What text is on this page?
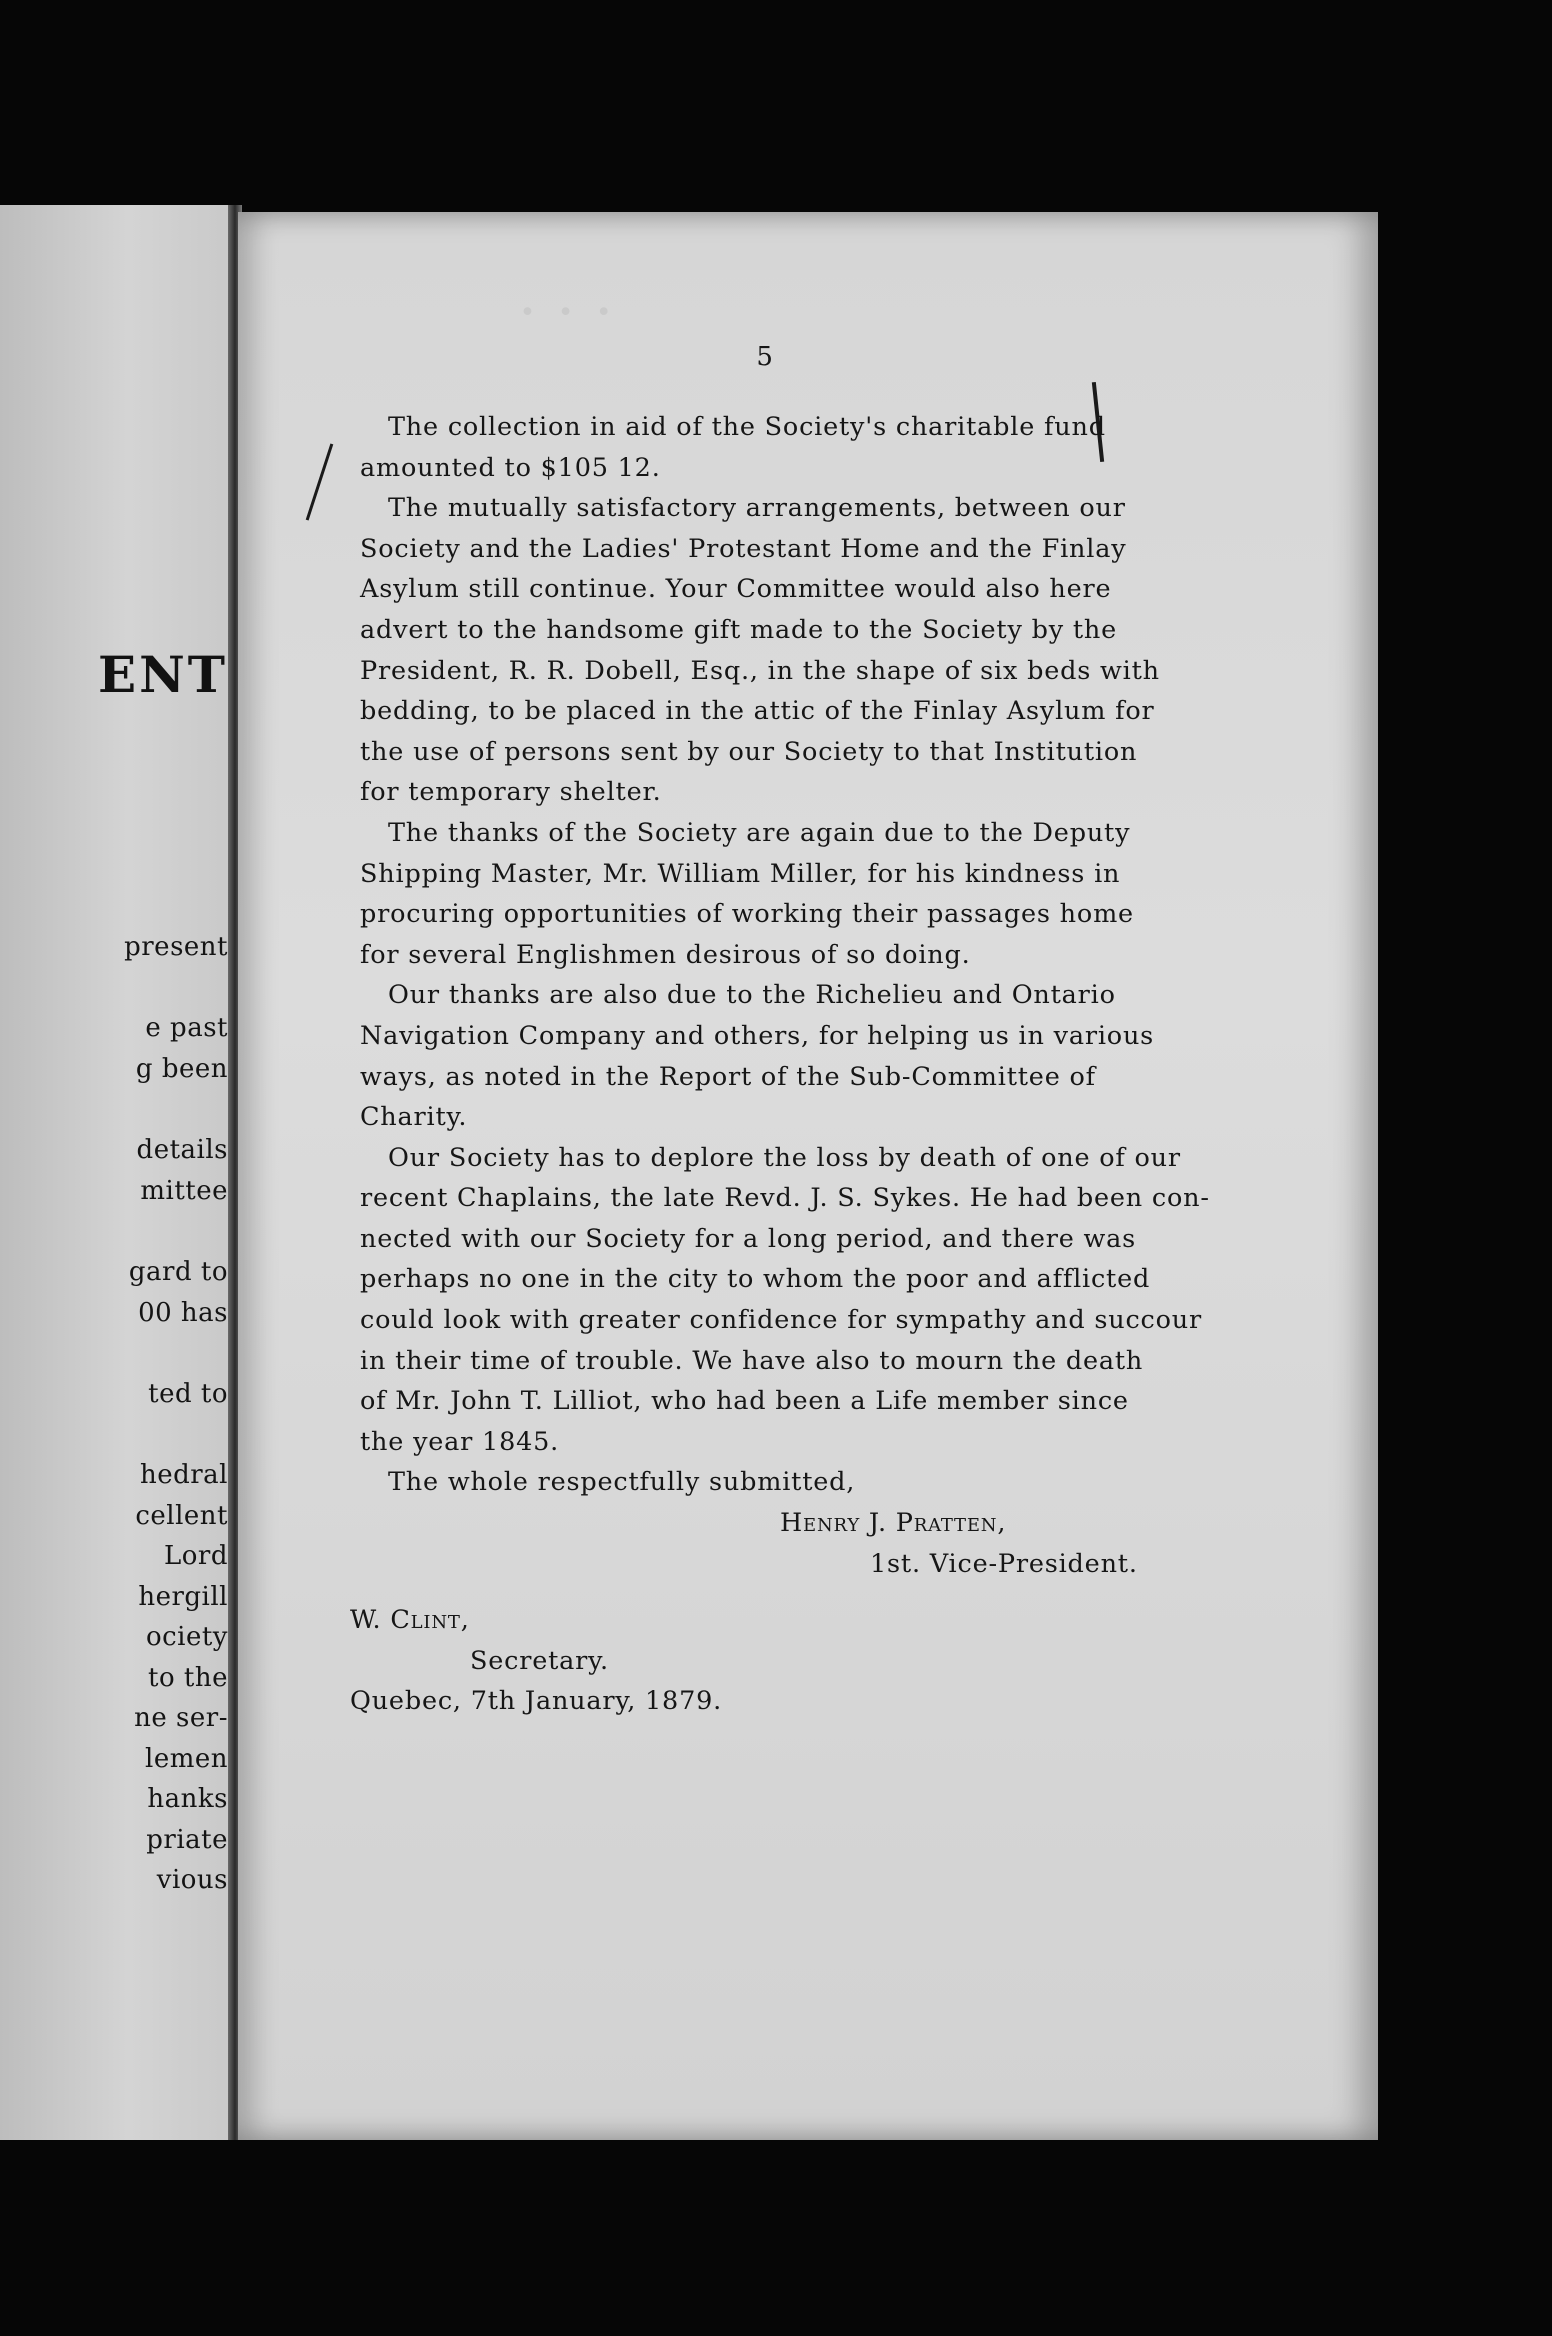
ENT
present
e past
g been
details
mittee
gard to
00 has
ted to
hedral
cellent
Lord
hergill
ociety
to the
ne ser-
lemen
hanks
priate
vious
· · ·
5
The collection in aid of the Society's charitable fund
amounted to $105 12.
The mutually satisfactory arrangements, between our
Society and the Ladies' Protestant Home and the Finlay
Asylum still continue. Your Committee would also here
advert to the handsome gift made to the Society by the
President, R. R. Dobell, Esq., in the shape of six beds with
bedding, to be placed in the attic of the Finlay Asylum for
the use of persons sent by our Society to that Institution
for temporary shelter.
The thanks of the Society are again due to the Deputy
Shipping Master, Mr. William Miller, for his kindness in
procuring opportunities of working their passages home
for several Englishmen desirous of so doing.
Our thanks are also due to the Richelieu and Ontario
Navigation Company and others, for helping us in various
ways, as noted in the Report of the Sub-Committee of
Charity.
Our Society has to deplore the loss by death of one of our
recent Chaplains, the late Revd. J. S. Sykes. He had been con-
nected with our Society for a long period, and there was
perhaps no one in the city to whom the poor and afflicted
could look with greater confidence for sympathy and succour
in their time of trouble. We have also to mourn the death
of Mr. John T. Lilliot, who had been a Life member since
the year 1845.

The whole respectfully submitted,

Henry J. Pratten,

1st. Vice-President.

W. Clint,

Secretary.

Quebec, 7th January, 1879.
